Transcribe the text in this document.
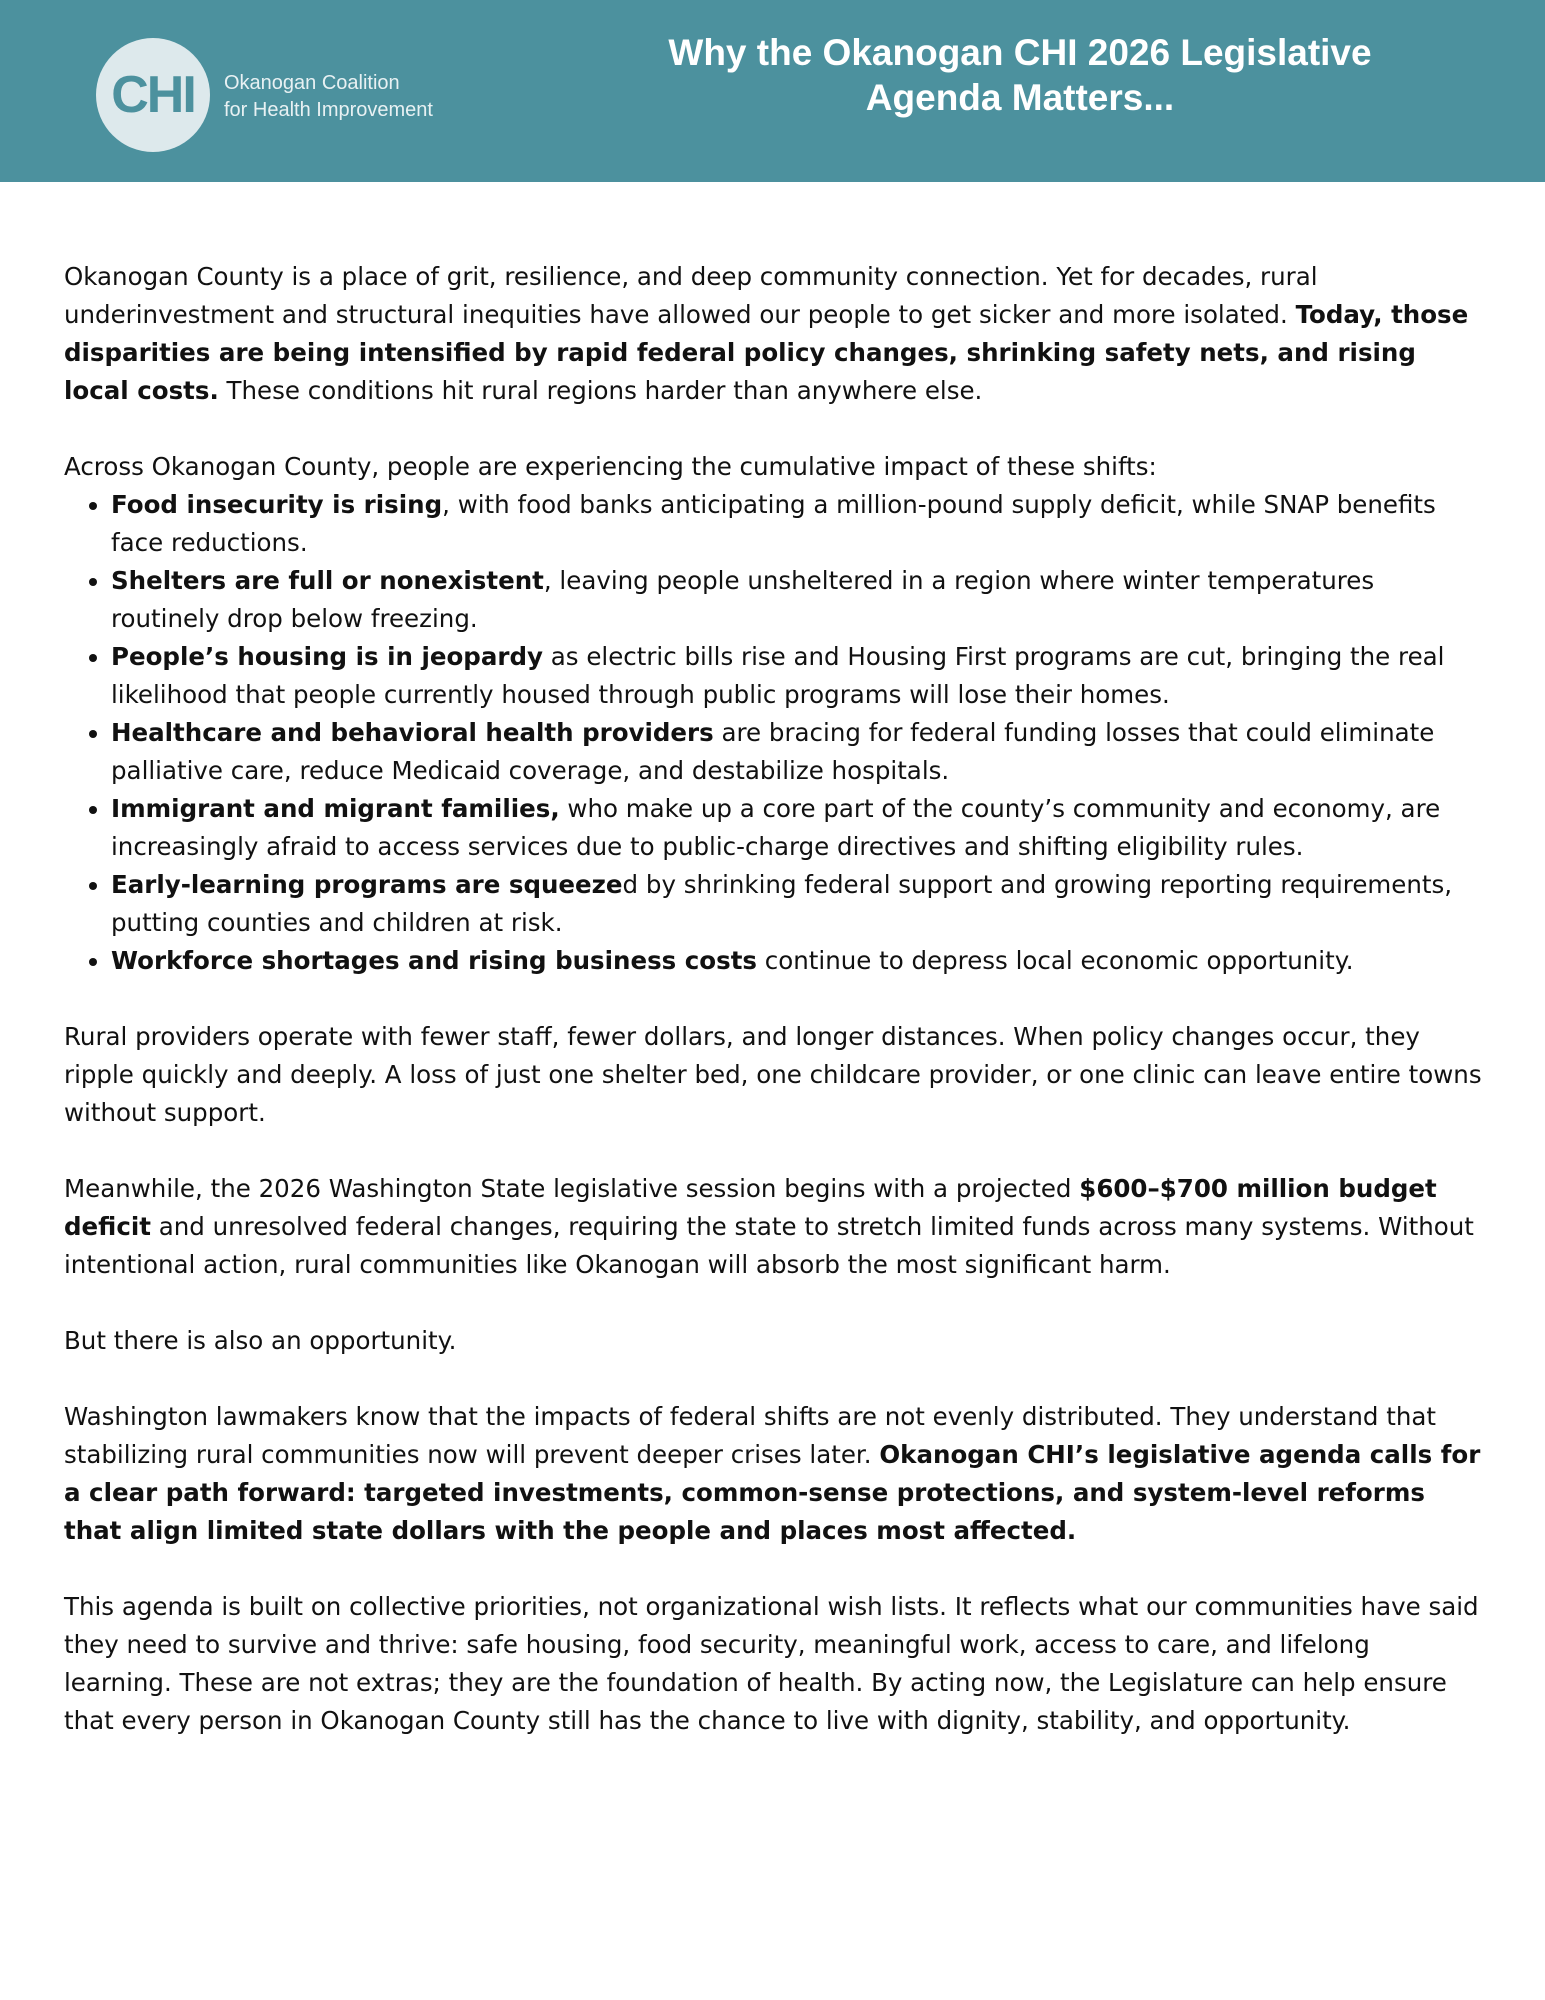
CHI	Okanogan Coalition
for Health Improvement
Why the Okanogan CHI 2026 Legislative
Agenda Matters...

Okanogan County is a place of grit, resilience, and deep community connection. Yet for decades, rural underinvestment and structural inequities have allowed our people to get sicker and more isolated. Today, those disparities are being intensified by rapid federal policy changes, shrinking safety nets, and rising local costs. These conditions hit rural regions harder than anywhere else.

Across Okanogan County, people are experiencing the cumulative impact of these shifts:
• Food insecurity is rising, with food banks anticipating a million-pound supply deficit, while SNAP benefits face reductions.
• Shelters are full or nonexistent, leaving people unsheltered in a region where winter temperatures routinely drop below freezing.
• People’s housing is in jeopardy as electric bills rise and Housing First programs are cut, bringing the real likelihood that people currently housed through public programs will lose their homes.
• Healthcare and behavioral health providers are bracing for federal funding losses that could eliminate palliative care, reduce Medicaid coverage, and destabilize hospitals.
• Immigrant and migrant families, who make up a core part of the county’s community and economy, are increasingly afraid to access services due to public-charge directives and shifting eligibility rules.
• Early-learning programs are squeezed by shrinking federal support and growing reporting requirements, putting counties and children at risk.
• Workforce shortages and rising business costs continue to depress local economic opportunity.

Rural providers operate with fewer staff, fewer dollars, and longer distances. When policy changes occur, they ripple quickly and deeply. A loss of just one shelter bed, one childcare provider, or one clinic can leave entire towns without support.

Meanwhile, the 2026 Washington State legislative session begins with a projected $600–$700 million budget deficit and unresolved federal changes, requiring the state to stretch limited funds across many systems. Without intentional action, rural communities like Okanogan will absorb the most significant harm.

But there is also an opportunity.

Washington lawmakers know that the impacts of federal shifts are not evenly distributed. They understand that stabilizing rural communities now will prevent deeper crises later. Okanogan CHI’s legislative agenda calls for a clear path forward: targeted investments, common-sense protections, and system-level reforms that align limited state dollars with the people and places most affected.

This agenda is built on collective priorities, not organizational wish lists. It reflects what our communities have said they need to survive and thrive: safe housing, food security, meaningful work, access to care, and lifelong learning. These are not extras; they are the foundation of health. By acting now, the Legislature can help ensure that every person in Okanogan County still has the chance to live with dignity, stability, and opportunity.
